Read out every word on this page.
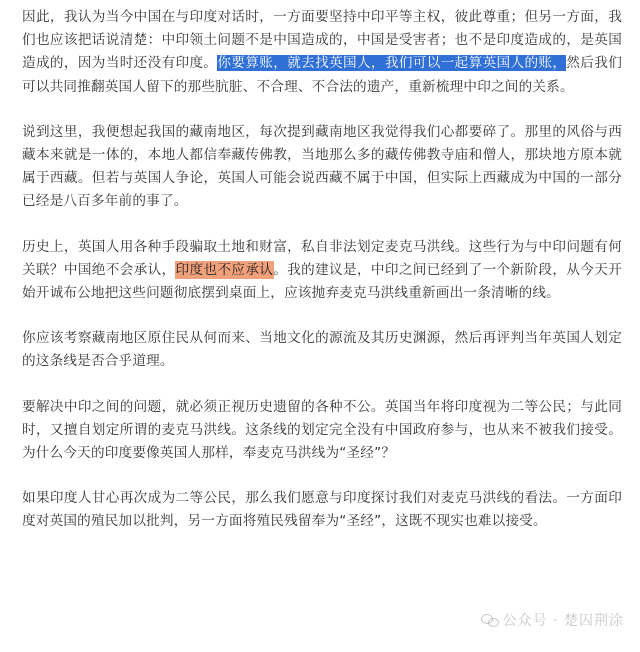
因此，我认为当今中国在与印度对话时，一方面要坚持中印平等主权，彼此尊重；但另一方面，我们也应该把话说清楚：中印领土问题不是中国造成的，中国是受害者；也不是印度造成的，是英国造成的，因为当时还没有印度。你要算账，就去找英国人，我们可以一起算英国人的账，然后我们可以共同推翻英国人留下的那些肮脏、不合理、不合法的遗产，重新梳理中印之间的关系。

说到这里，我便想起我国的藏南地区，每次提到藏南地区我觉得我们心都要碎了。那里的风俗与西藏本来就是一体的，本地人都信奉藏传佛教，当地那么多的藏传佛教寺庙和僧人，那块地方原本就属于西藏。但若与英国人争论，英国人可能会说西藏不属于中国，但实际上西藏成为中国的一部分已经是八百多年前的事了。

历史上，英国人用各种手段骗取土地和财富，私自非法划定麦克马洪线。这些行为与中印问题有何关联？中国绝不会承认，印度也不应承认。我的建议是，中印之间已经到了一个新阶段，从今天开始开诚布公地把这些问题彻底摆到桌面上，应该抛弃麦克马洪线重新画出一条清晰的线。

你应该考察藏南地区原住民从何而来、当地文化的源流及其历史渊源，然后再评判当年英国人划定的这条线是否合乎道理。

要解决中印之间的问题，就必须正视历史遗留的各种不公。英国当年将印度视为二等公民；与此同时，又擅自划定所谓的麦克马洪线。这条线的划定完全没有中国政府参与，也从来不被我们接受。为什么今天的印度要像英国人那样，奉麦克马洪线为“圣经”？

如果印度人甘心再次成为二等公民，那么我们愿意与印度探讨我们对麦克马洪线的看法。一方面印度对英国的殖民加以批判，另一方面将殖民残留奉为“圣经”，这既不现实也难以接受。

公众号 · 楚囚荆涂
